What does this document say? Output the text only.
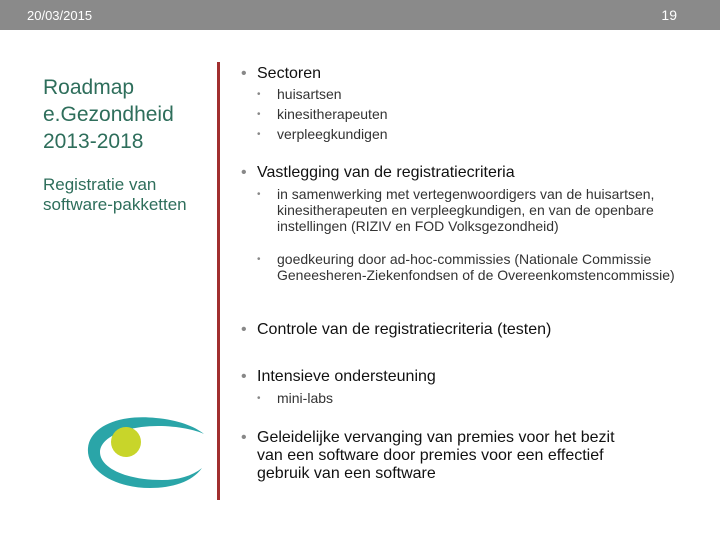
20/03/2015	19
Roadmap e.Gezondheid 2013-2018
Registratie van software-pakketten
• Sectoren
•	huisartsen
•	kinesitherapeuten
•	verpleegkundigen
• Vastlegging van de registratiecriteria
•	in samenwerking met vertegenwoordigers van de huisartsen, kinesitherapeuten en verpleegkundigen, en van de openbare instellingen (RIZIV en FOD Volksgezondheid)
•	goedkeuring door ad-hoc-commissies (Nationale Commissie Geneesheren-Ziekenfondsen of de Overeenkomstencommissie)
• Controle van de registratiecriteria (testen)
• Intensieve ondersteuning
•	mini-labs
• Geleidelijke vervanging van premies voor het bezit van een software door premies voor een effectief gebruik van een software
